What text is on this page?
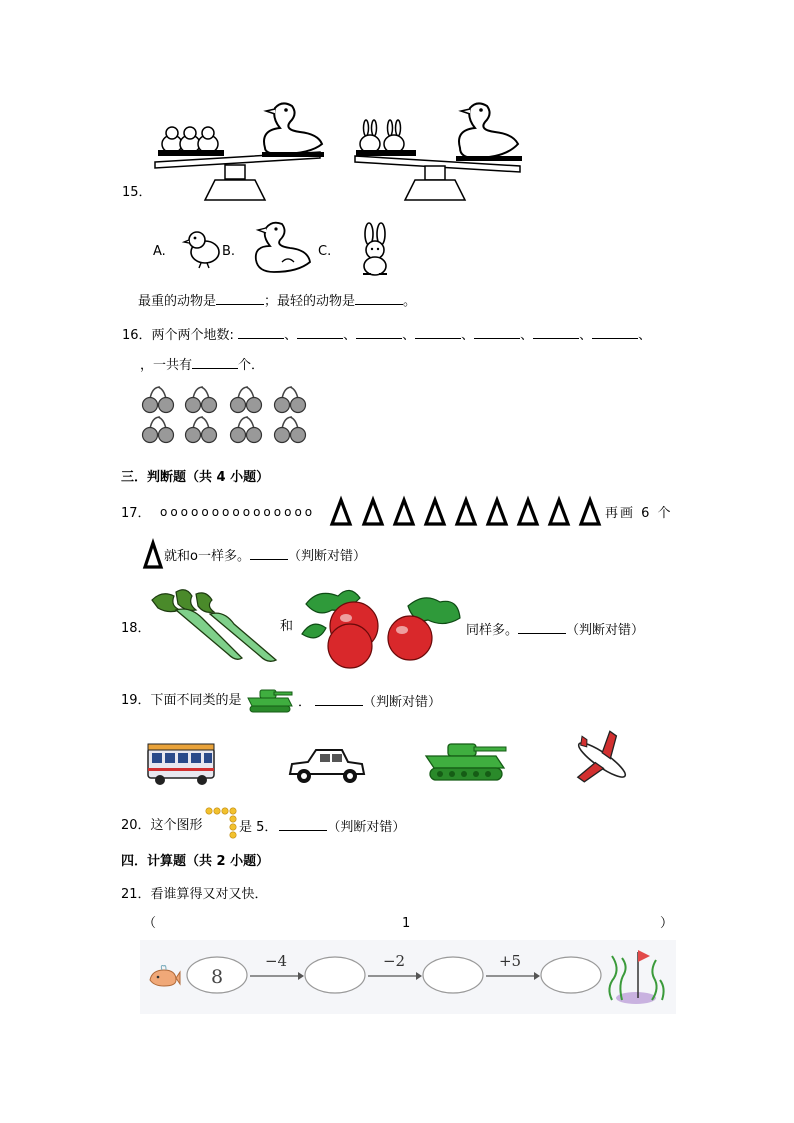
15．
A.	B.	C.
最重的动物是	；最轻的动物是	。
16．两个两个地数:	、	、	、	、	、	、	、
，一共有	个．
三．判断题（共 4 小题）
17． ooooooooooooooo	再画 6 个
就和o一样多。	（判断对错）
18．	和	同样多。	（判断对错）
19．下面不同类的是	．	（判断对错）
20．这个图形	是 5．	（判断对错）
四．计算题（共 2 小题）
21．看谁算得又对又快．
（	1	）
8
−4	−2	+5
